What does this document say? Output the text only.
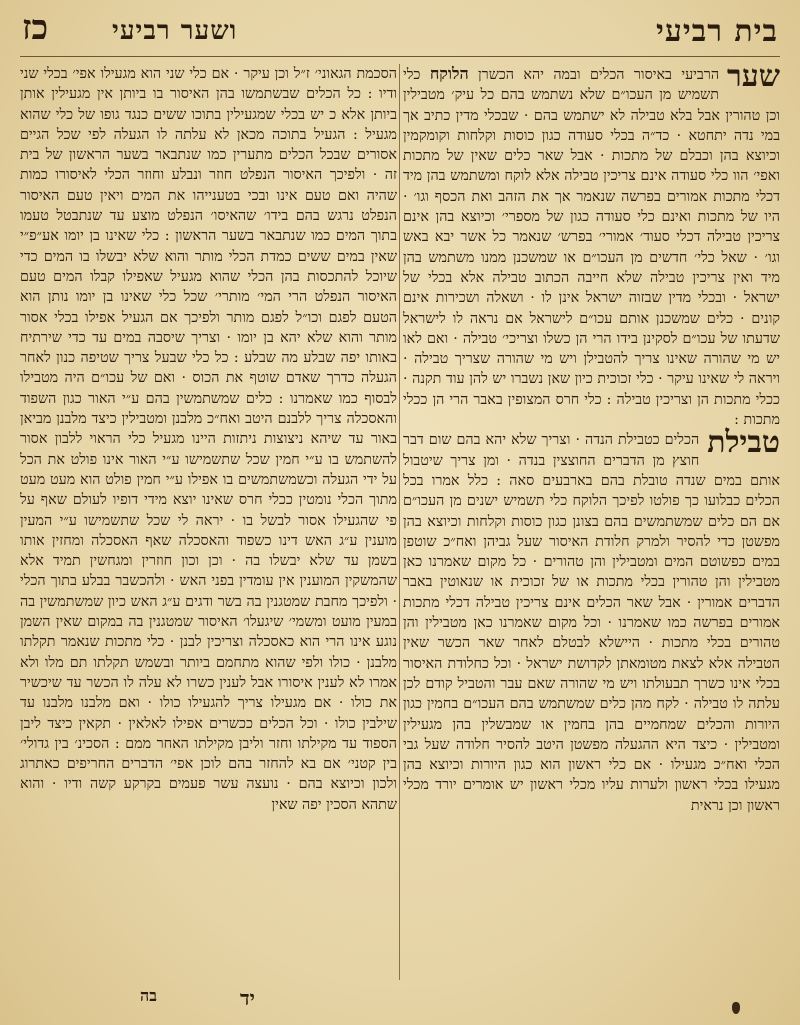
כז ושער רביעי	בית רביעי

שער
הרביעי באיסור הכלים ובמה יהא הכשרן הלוקח כלי תשמיש מן העכו״ם שלא נשתמש בהם כל עיק׳ מטבילין וכן טהורין אבל בלא טבילה לא ישתמש בהם · שבכלי מדין כתיב אך במי נדה יתחטא · כד״ה בכלי סעודה כגון כוסות וקלחות וקומקמין וכיוצא בהן וכבלם של מתכות · אבל שאר כלים שאין של מתכות ואפי׳ הוו כלי סעודה אינם צריכין טבילה אלא לוקח ומשתמש בהן מיד דכלי מתכות אמורים בפרשה שנאמר אך את הזהב ואת הכסף וגו׳ · היו של מתכות ואינם כלי סעודה כגון של מספרי׳ וכיוצא בהן אינם צריכין טבילה דכלי סעוד׳ אמורי׳ בפרש׳ שנאמר כל אשר יבא באש וגו׳ · שאל כלי׳ חדשים מן העכו״ם או שמשכנן ממנו משתמש בהן מיד ואין צריכין טבילה שלא חייבה הכתוב טבילה אלא בכלי של ישראל · ובכלי מדין שבזוה ישראל אינן לו · ושאלה ושכירות אינם קונים · כלים שמשכנן אותם עכו״ם לישראל אם נראה לו לישראל שדעתו של עכו״ם לסקינן בידו הרי הן כשלו וצריכי׳ טבילה · ואם לאו יש מי שהורה שאינו צריך להטבילן ויש מי שהורה שצריך טבילה · ויראה לי שאינו עיקר · כלי זכוכית כיון שאן נשברו יש להן עוד תקנה · ככלי מתכות הן וצריכין טבילה : כלי חרס המצופין באבר הרי הן ככלי מתכות :

טבילת
הכלים כטבילת הנדה · וצריך שלא יהא בהם שום דבר חוצץ מן הדברים החוצצין בנדה · ומן צריך שיטבול אותם במים שנדה טובלת בהם בארבעים סאה : כלל אמרו בכל הכלים כבלועו כך פולטו לפיכך הלוקח כלי תשמיש ישנים מן העכו״ם אם הם כלים שמשתמשים בהם בצונן כגון כוסות וקלחות וכיוצא בהן מפשטן כדי להסיר ולמרק חלודת האיסור שעל גביהן ואח״כ שוטפן במים כפשוטם המים ומטבילין והן טהורים · כל מקום שאמרנו כאן מטבילין והן טהורין בכלי מתכות או של זכוכית או שנאוטין באבר הדברים אמורין · אבל שאר הכלים אינם צריכין טבילה דכלי מתכות אמורים בפרשה כמו שאמרנו · וכל מקום שאמרנו כאן מטבילין והן טהורים בכלי מתכות · היישלא לבטלם לאחר שאר הכשר שאין הטבילה אלא לצאת מטומאתן לקדושת ישראל · וכל כחלודת האיסור בכלי אינו כשרך תבעולתו ויש מי שהורה שאם עבר והטביל קודם לכן עלתה לו טבילה · לקח מהן כלים שמשתמש בהם העכו״ם בחמין כגון היורות והכלים שמחמיים בהן בחמין או שמבשלין בהן מגעילין ומטבילין · כיצד היא ההגעלה מפשטן היטב להסיר חלודה שעל גבי הכלי ואח״כ מגעילו · אם כלי ראשון הוא כגון היורות וכיוצא בהן מגעילו בכלי ראשון ולערות עליו מכלי ראשון יש אומרים יורד מכלי ראשון וכן נראית

הסכמת הגאוני׳ ז״ל וכן עיקר · אם כלי שני הוא מגעילו אפי׳ בכלי שני ודיו : כל הכלים שבשתמשו בהן האיסור בו ביותן אין מגעילין אותן ביותן אלא כ יש בכלי שמגעילין בתוכו ששים כנגד גופו של כלי שהוא מגעיל : הגעיל בתוכה מכאן לא עלתה לו הגעלה לפי שכל הגיים אסורים שבכל הכלים מתערין כמו שנתבאר בשער הראשון של בית זה · ולפיכך האיסור הנפלט חוזר ונבלע וחוזר הכלי לאיסורו כמות שהיה ואם טעם אינו ובכי בטענייהו את המים ויאין טעם האיסור הנפלט נרגש בהם בידו׳ שהאיסו׳ הנפלט מוצע עד שנתבטל טעמו בתוך המים כמו שנתבאר בשער הראשון : כלי שאינו בן יומו אע״פ״י שאין במים ששים כמדת הכלי מותר והוא שלא יבשלו בו המים כדי שיוכל להתכסות בהן הכלי שהוא מגעיל שאפילו קבלו המים טעם האיסור הנפלט הרי המי׳ מותרי׳ שכל כלי שאינו בן יומו נותן הוא הטעם לפגם וכו״ל לפגם מותר ולפיכך אם הגעיל אפילו בכלי אסור מותר והוא שלא יהא בן יומו · וצריך שיסבה במים עד כדי שירתיח באותו יפה שבלע מה שבלע : כל כלי שבעל צריך שטיפה כנון לאחר הגעלה כדרך שאדם שוטף את הכוס · ואם של עכו״ם היה מטבילו לבסוף כמו שאמרנו : כלים שמשתמשין בהם ע״י האור כגון השפוד והאסכלה צריך ללבנם היטב ואח״כ מלבנן ומטבילין כיצד מלבנן מביאן באור עד שיהא ניצוצות ניתזות היינו מגעיל כלי הראוי ללבון אסור להשתמש בו ע״י חמין שכל שתשמישו ע״י האור אינו פולט את הכל על ידי הגעלה וכשמשתמשים בו אפילו ע״י חמין פולט הוא מעט מעט מתוך הכלי נומטין ככלי חרס שאינו יוצא מידי דופיו לעולם שאף על פי שהגעילו אסור לבשל בו · יראה לי שכל שתשמישו ע״י המעין מוענין ע״ג האש דינו כשפוד והאסכלה שאף האסכלה ומחזין אותו בשמן עד שלא יבשלו בה · וכן וכון חוזרין ומגחשין תמיד אלא שהמשקין המוענין אין עומדין בפני האש · ולהכשבר בבלע בתוך הכלי · ולפיכך מחבת שמטגנין בה בשר ודגים ע״ג האש כיון שמשתמשין בה במעין מועט ומשמי׳ שיגעלו׳ האיסור שמטגנין בה במקום שאין השמן נוגע אינו הרי הוא כאסכלה וצריכין לבנן · כלי מתכות שנאמר תקלתו מלבנן · כולו ולפי שהוא מתחמם ביותר ובשמש תקלתו תם מלו ולא אמרו לא לענין איסורו אבל לענין כשרו לא עלה לו הכשר עד שיכשיר את כולו · אם מגעילו צריך להגעילו כולו · ואם מלבנו מלבנו עד שילבין כולו · וכל הכלים ככשרים אפילו לאלאין · תקאין כיצד ליבן הספוד עד מקילתו וחזר וליבן מקילתו האחר ממם : הסכינ׳ בין גדולי׳ בין קטני׳ אם בא להחזר בהם לוכן אפי׳ הדברים החריפים כאתרוג ולכון וכיוצא בהם · נועצה עשר פעמים בקרקע קשה ודיו · והוא שתהא הסכין יפה שאין

יד
בה
